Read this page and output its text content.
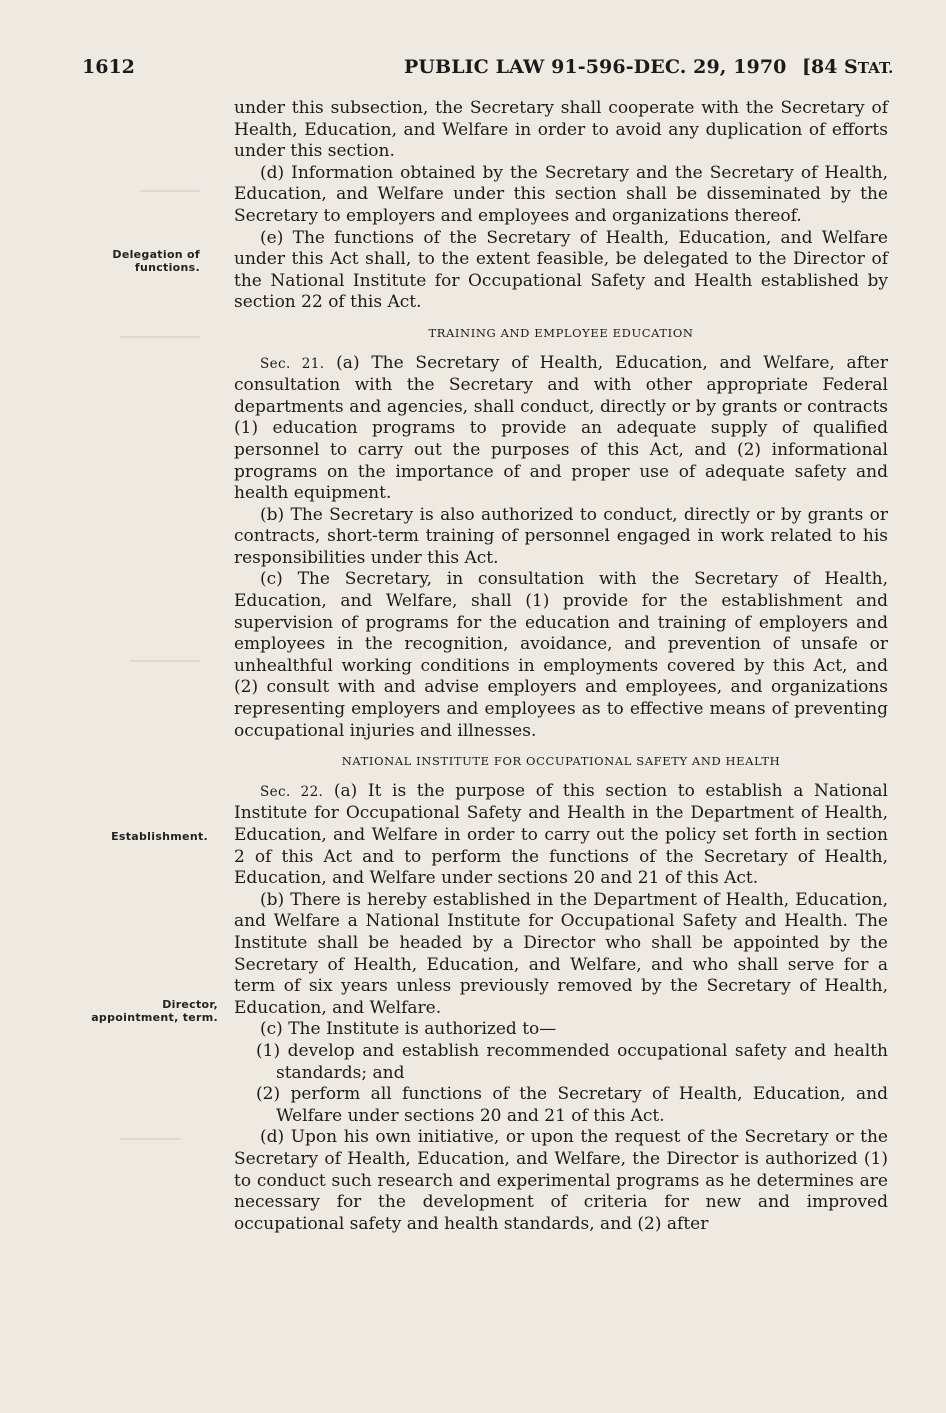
1612	PUBLIC LAW 91-596-DEC. 29, 1970 [84 STAT.
Delegation of functions.
Establishment.
Director, appointment, term.

under this subsection, the Secretary shall cooperate with the Secretary of Health, Education, and Welfare in order to avoid any duplication of efforts under this section.

(d) Information obtained by the Secretary and the Secretary of Health, Education, and Welfare under this section shall be disseminated by the Secretary to employers and employees and organizations thereof.

(e) The functions of the Secretary of Health, Education, and Welfare under this Act shall, to the extent feasible, be delegated to the Director of the National Institute for Occupational Safety and Health established by section 22 of this Act.

TRAINING AND EMPLOYEE EDUCATION

Sec. 21. (a) The Secretary of Health, Education, and Welfare, after consultation with the Secretary and with other appropriate Federal departments and agencies, shall conduct, directly or by grants or contracts (1) education programs to provide an adequate supply of qualified personnel to carry out the purposes of this Act, and (2) informational programs on the importance of and proper use of adequate safety and health equipment.

(b) The Secretary is also authorized to conduct, directly or by grants or contracts, short-term training of personnel engaged in work related to his responsibilities under this Act.

(c) The Secretary, in consultation with the Secretary of Health, Education, and Welfare, shall (1) provide for the establishment and supervision of programs for the education and training of employers and employees in the recognition, avoidance, and prevention of unsafe or unhealthful working conditions in employments covered by this Act, and (2) consult with and advise employers and employees, and organizations representing employers and employees as to effective means of preventing occupational injuries and illnesses.

NATIONAL INSTITUTE FOR OCCUPATIONAL SAFETY AND HEALTH

Sec. 22. (a) It is the purpose of this section to establish a National Institute for Occupational Safety and Health in the Department of Health, Education, and Welfare in order to carry out the policy set forth in section 2 of this Act and to perform the functions of the Secretary of Health, Education, and Welfare under sections 20 and 21 of this Act.

(b) There is hereby established in the Department of Health, Education, and Welfare a National Institute for Occupational Safety and Health. The Institute shall be headed by a Director who shall be appointed by the Secretary of Health, Education, and Welfare, and who shall serve for a term of six years unless previously removed by the Secretary of Health, Education, and Welfare.

(c) The Institute is authorized to—

(1) develop and establish recommended occupational safety and health standards; and

(2) perform all functions of the Secretary of Health, Education, and Welfare under sections 20 and 21 of this Act.

(d) Upon his own initiative, or upon the request of the Secretary or the Secretary of Health, Education, and Welfare, the Director is authorized (1) to conduct such research and experimental programs as he determines are necessary for the development of criteria for new and improved occupational safety and health standards, and (2) after
